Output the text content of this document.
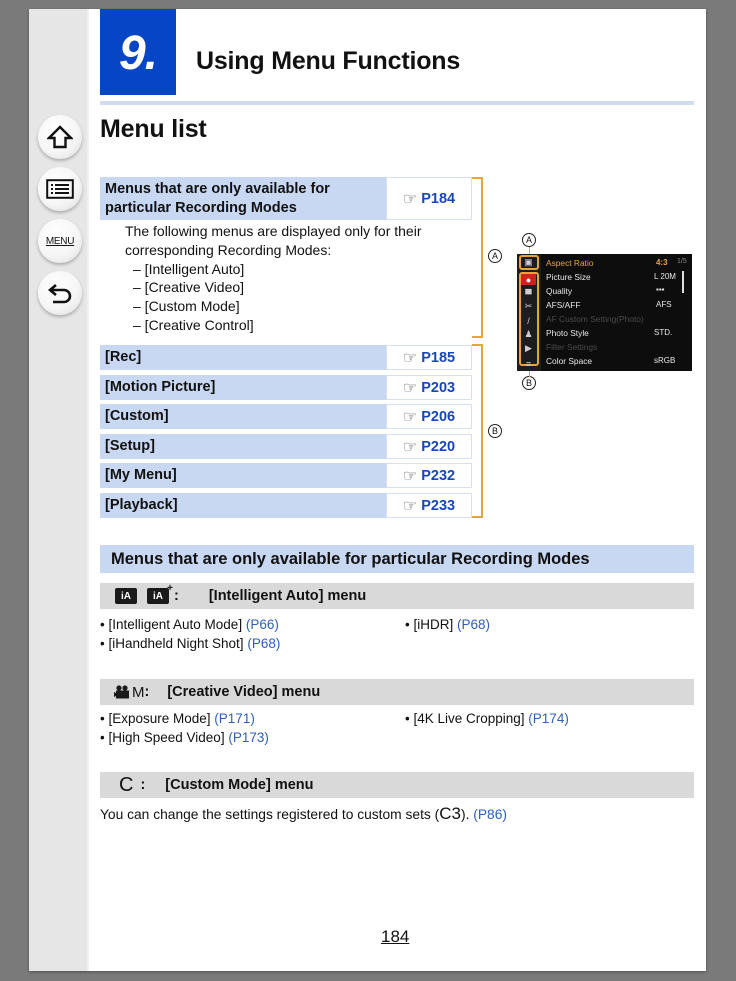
MENU
9. Using Menu Functions
Menu list
Menus that are only available for
particular Recording Modes	☞ P184
The following menus are displayed only for their
corresponding Recording Modes:
– [Intelligent Auto]
– [Creative Video]
– [Custom Mode]
– [Creative Control]
[Rec]	☞ P185
[Motion Picture]	☞ P203
[Custom]	☞ P206
[Setup]	☞ P220
[My Menu]	☞ P232
[Playback]	☞ P233
A
B
A
B
▣
●
▀
✂
/
♟
▶
≡
1/5
Aspect Ratio	4:3
Picture Size	L 20M
Quality	▪▪▪
AFS/AFF	AFS
AF Custom Setting(Photo)
Photo Style	STD.
Filter Settings
Color Space	sRGB
Menus that are only available for particular Recording Modes
iA	iA
+ : [Intelligent Auto] menu
• [Intelligent Auto Mode] (P66)
• [iHandheld Night Shot] (P68)
• [iHDR] (P68)
M : [Creative Video] menu
• [Exposure Mode] (P171)
• [High Speed Video] (P173)
• [4K Live Cropping] (P174)
C : [Custom Mode] menu
You can change the settings registered to custom sets (C3). (P86)
184
